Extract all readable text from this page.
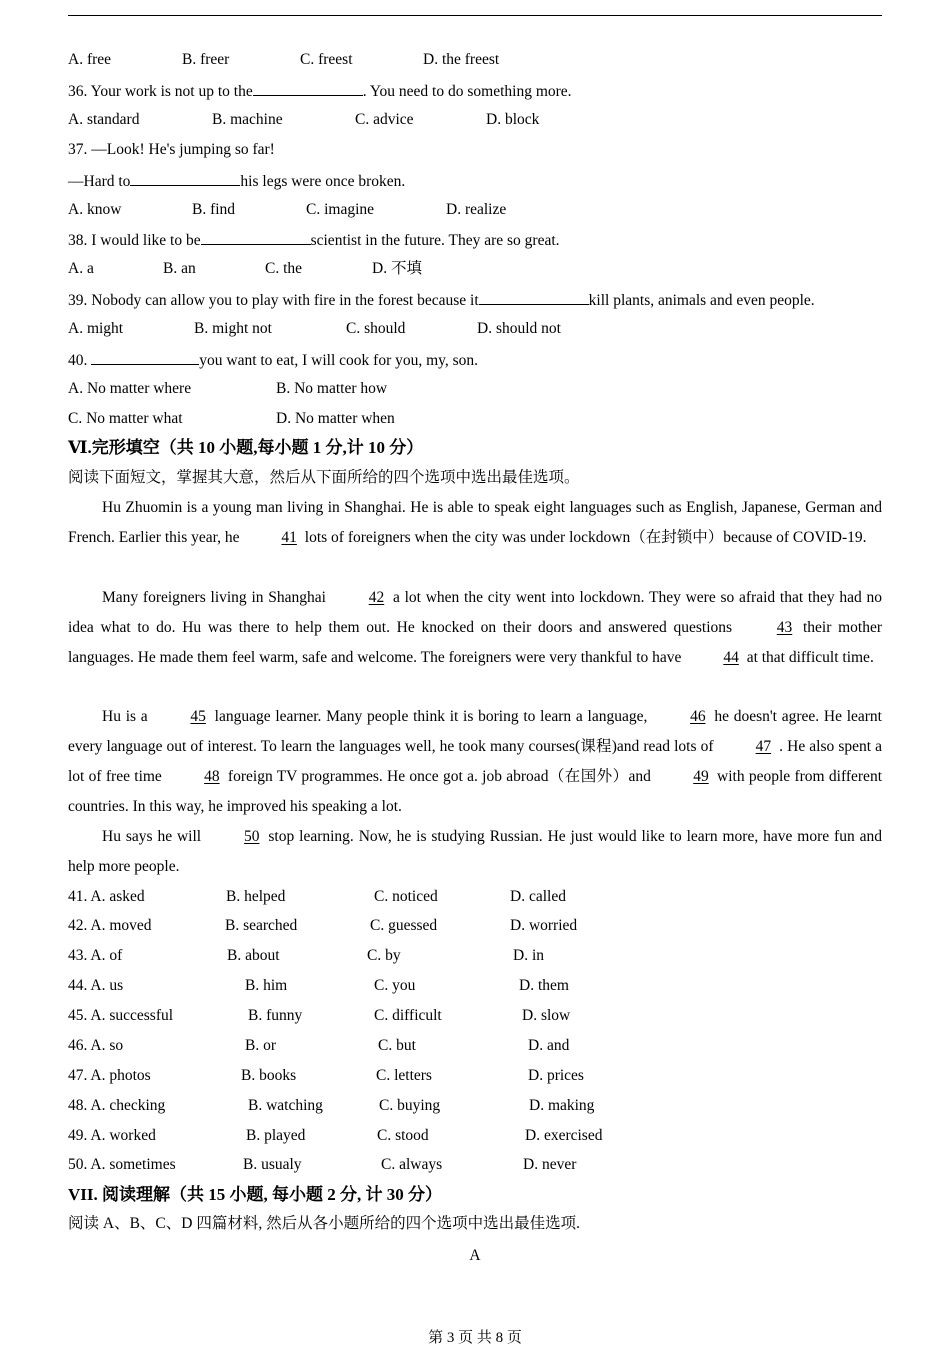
A. free	B. freer	C. freest	D. the freest
36. Your work is not up to the	. You need to do something more.
A. standard	B. machine	C. advice	D. block
37. —Look! He's jumping so far!
—Hard to	his legs were once broken.
A. know	B. find	C. imagine	D. realize
38. I would like to be	scientist in the future. They are so great.
A. a	B. an	C. the	D. 不填
39. Nobody can allow you to play with fire in the forest because it	kill plants, animals and even people.
A. might	B. might not	C. should	D. should not
40.	you want to eat, I will cook for you, my, son.
A. No matter where	B. No matter how
C. No matter what	D. No matter when
Ⅵ.完形填空（共 10 小题,每小题 1 分,计 10 分）
阅读下面短文，掌握其大意，然后从下面所给的四个选项中选出最佳选项。
Hu Zhuomin is a young man living in Shanghai. He is able to speak eight languages such as English, Japanese, German and French. Earlier this year, he 41 lots of foreigners when the city was under lockdown（在封锁中）because of COVID-19.
Many foreigners living in Shanghai 42 a lot when the city went into lockdown. They were so afraid that they had no idea what to do. Hu was there to help them out. He knocked on their doors and answered questions 43 their mother languages. He made them feel warm, safe and welcome. The foreigners were very thankful to have 44 at that difficult time.
Hu is a 45 language learner. Many people think it is boring to learn a language, 46 he doesn't agree. He learnt every language out of interest. To learn the languages well, he took many courses(课程)and read lots of 47 . He also spent a lot of free time 48 foreign TV programmes. He once got a. job abroad（在国外）and 49 with people from different countries. In this way, he improved his speaking a lot.
Hu says he will 50 stop learning. Now, he is studying Russian. He just would like to learn more, have more fun and help more people.
41. A. asked	B. helped	C. noticed	D. called
42. A. moved	B. searched	C. guessed	D. worried
43. A. of	B. about	C. by	D. in
44. A. us	B. him	C. you	D. them
45. A. successful	B. funny	C. difficult	D. slow
46. A. so	B. or	C. but	D. and
47. A. photos	B. books	C. letters	D. prices
48. A. checking	B. watching	C. buying	D. making
49. A. worked	B. played	C. stood	D. exercised
50. A. sometimes	B. usualy	C. always	D. never
VII. 阅读理解（共 15 小题, 每小题 2 分, 计 30 分）
阅读 A、B、C、D 四篇材料, 然后从各小题所给的四个选项中选出最佳选项.
A
第 3 页 共 8 页
